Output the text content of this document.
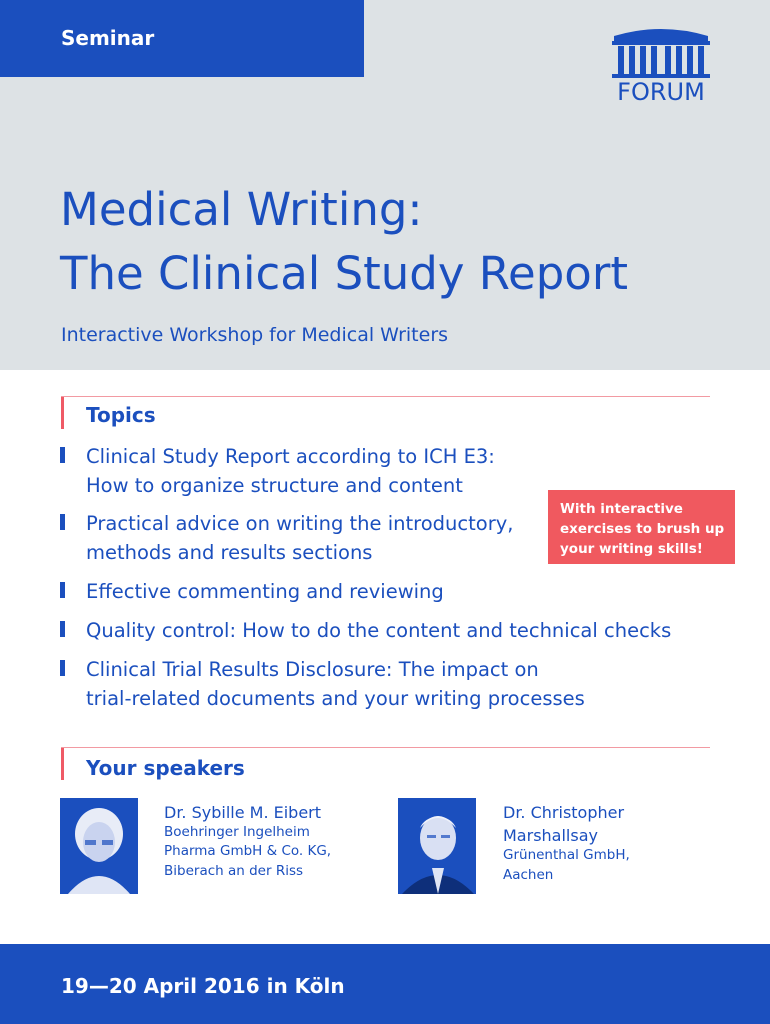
Seminar
FORUM
Medical Writing:
The Clinical Study Report
Interactive Workshop for Medical Writers
Topics
Clinical Study Report according to ICH E3:
How to organize structure and content
Practical advice on writing the introductory,
methods and results sections
Effective commenting and reviewing
Quality control: How to do the content and technical checks
Clinical Trial Results Disclosure: The impact on
trial-related documents and your writing processes
With interactive
exercises to brush up
your writing skills!
Your speakers
Dr. Sybille M. Eibert
Boehringer Ingelheim
Pharma GmbH & Co. KG,
Biberach an der Riss
Dr. Christopher
Marshallsay
Grünenthal GmbH,
Aachen
19—20 April 2016 in Köln
